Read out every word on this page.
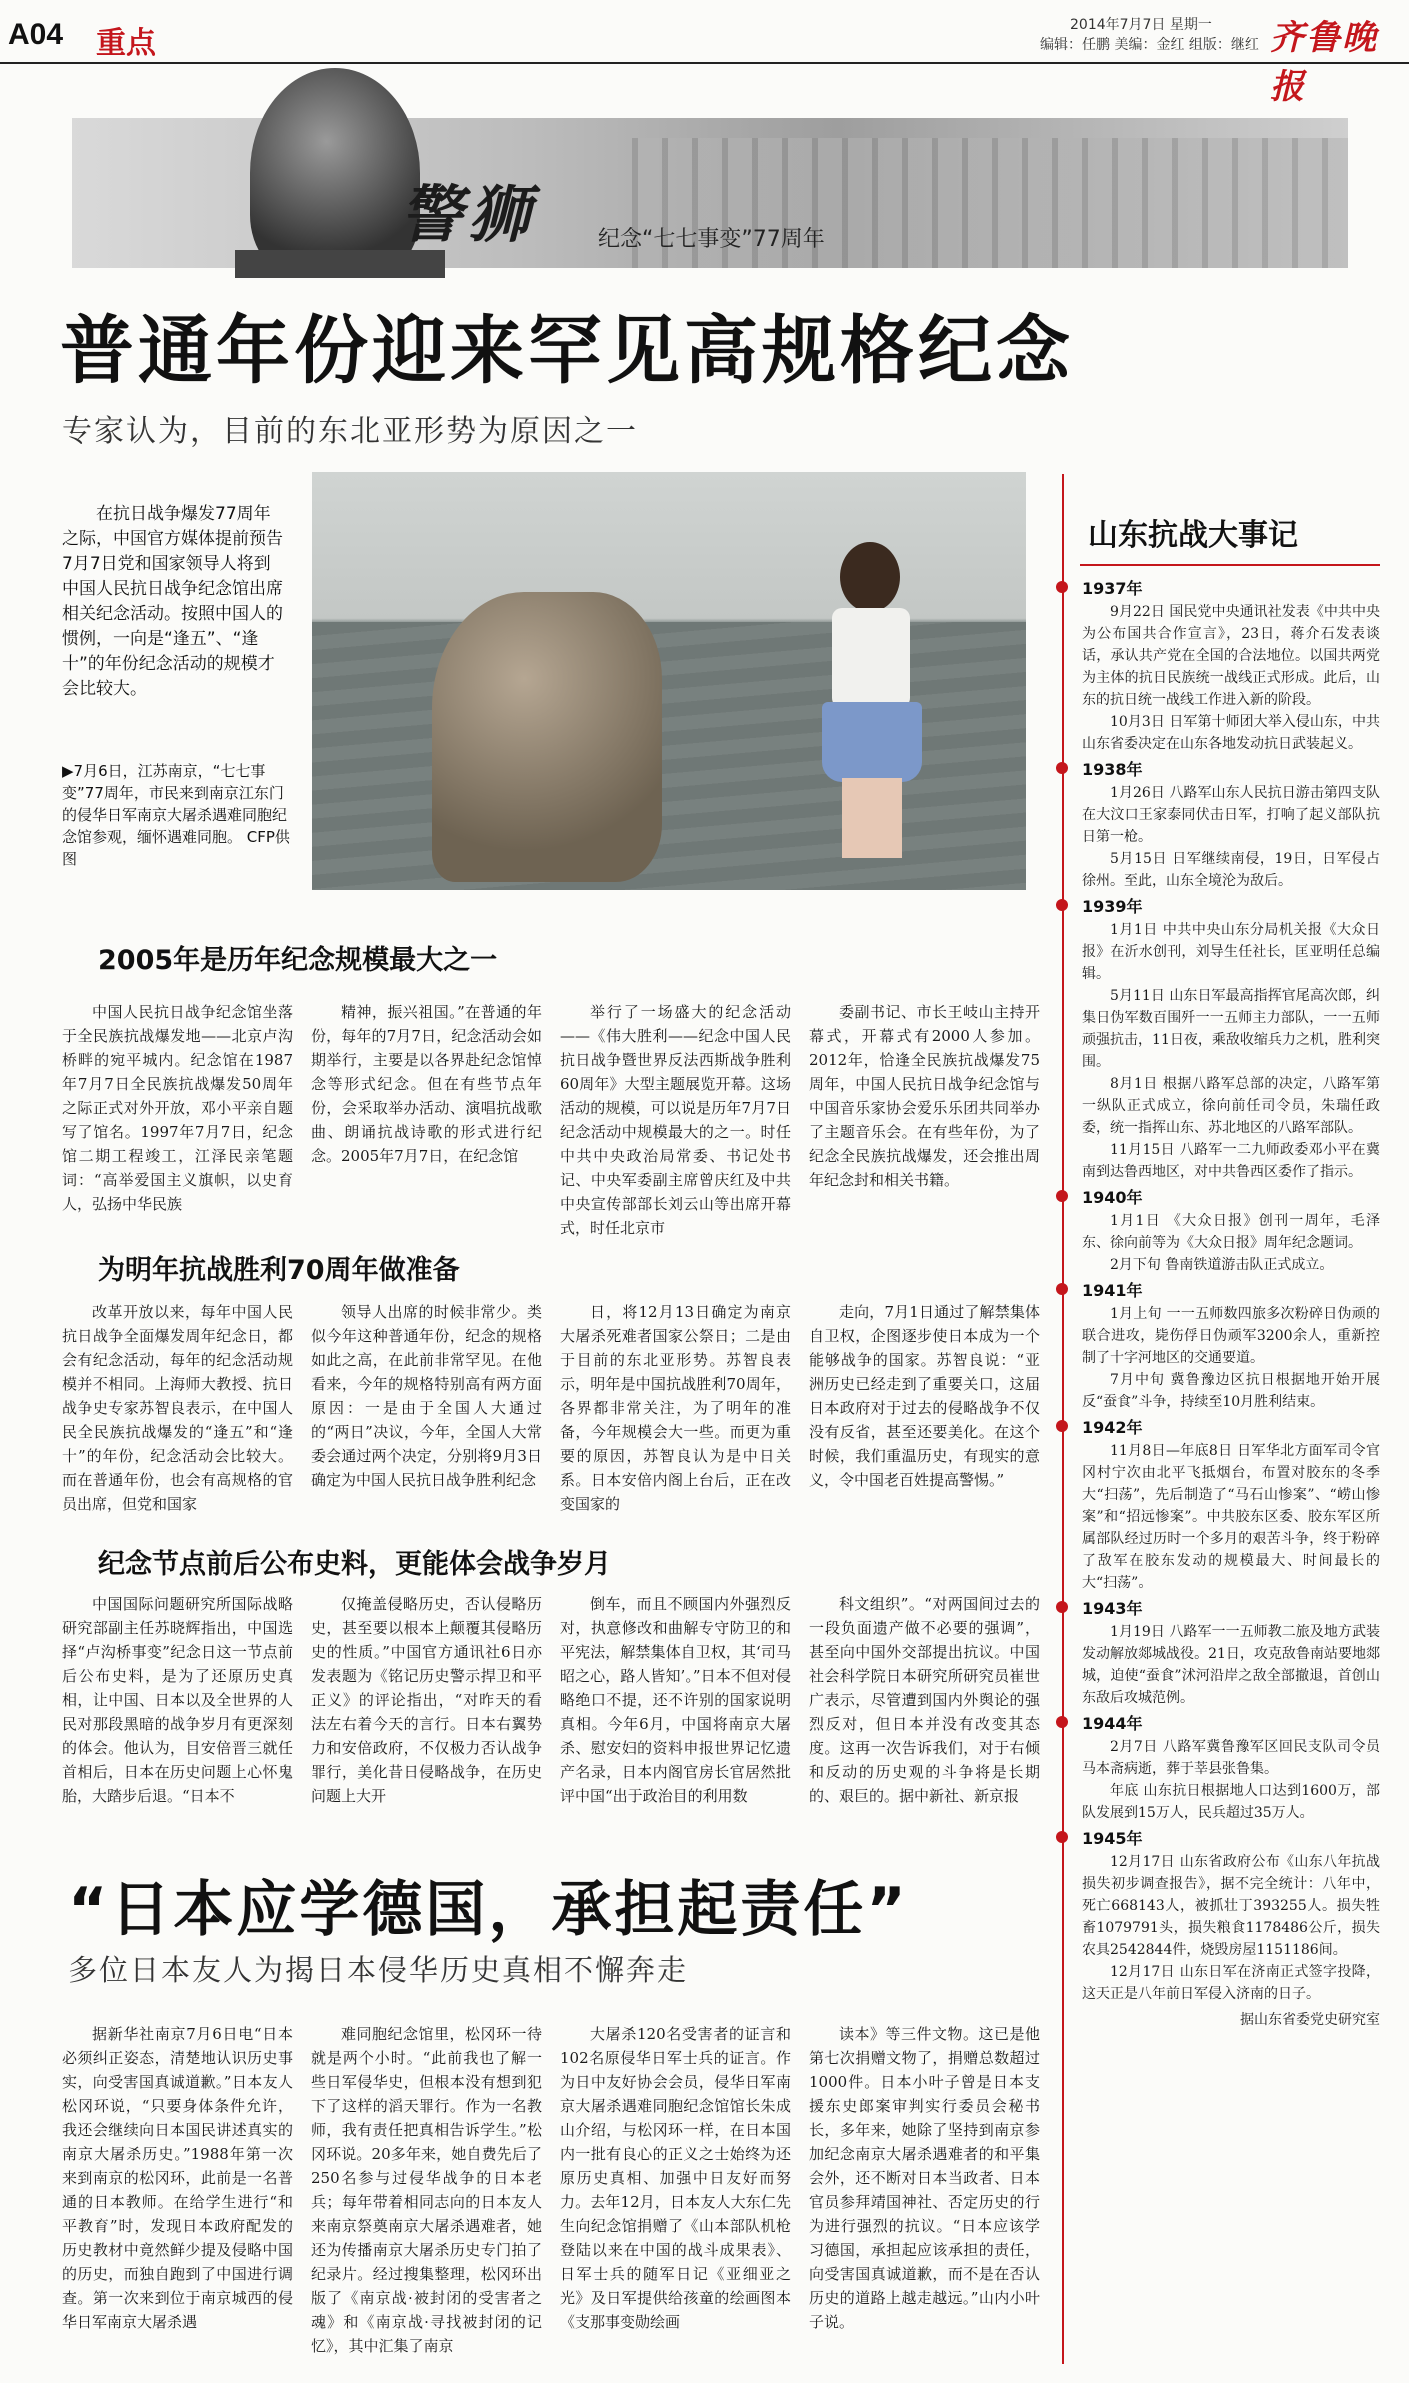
A04 重点
2014年7月7日 星期一
编辑：任鹏 美编：金红 组版：继红 齐鲁晚报
警狮	纪念“七七事变”77周年
普通年份迎来罕见高规格纪念
专家认为，目前的东北亚形势为原因之一
在抗日战争爆发77周年之际，中国官方媒体提前预告7月7日党和国家领导人将到中国人民抗日战争纪念馆出席相关纪念活动。按照中国人的惯例，一向是“逢五”、“逢十”的年份纪念活动的规模才会比较大。
▶7月6日，江苏南京，“七七事变”77周年，市民来到南京江东门的侵华日军南京大屠杀遇难同胞纪念馆参观，缅怀遇难同胞。 CFP供图
2005年是历年纪念规模最大之一

中国人民抗日战争纪念馆坐落于全民族抗战爆发地——北京卢沟桥畔的宛平城内。纪念馆在1987年7月7日全民族抗战爆发50周年之际正式对外开放，邓小平亲自题写了馆名。1997年7月7日，纪念馆二期工程竣工，江泽民亲笔题词：“高举爱国主义旗帜，以史育人，弘扬中华民族

精神，振兴祖国。”在普通的年份，每年的7月7日，纪念活动会如期举行，主要是以各界赴纪念馆悼念等形式纪念。但在有些节点年份，会采取举办活动、演唱抗战歌曲、朗诵抗战诗歌的形式进行纪念。2005年7月7日，在纪念馆

举行了一场盛大的纪念活动——《伟大胜利——纪念中国人民抗日战争暨世界反法西斯战争胜利60周年》大型主题展览开幕。这场活动的规模，可以说是历年7月7日纪念活动中规模最大的之一。时任中共中央政治局常委、书记处书记、中央军委副主席曾庆红及中共中央宣传部部长刘云山等出席开幕式，时任北京市

委副书记、市长王岐山主持开幕式，开幕式有2000人参加。2012年，恰逢全民族抗战爆发75周年，中国人民抗日战争纪念馆与中国音乐家协会爱乐乐团共同举办了主题音乐会。在有些年份，为了纪念全民族抗战爆发，还会推出周年纪念封和相关书籍。

为明年抗战胜利70周年做准备

改革开放以来，每年中国人民抗日战争全面爆发周年纪念日，都会有纪念活动，每年的纪念活动规模并不相同。上海师大教授、抗日战争史专家苏智良表示，在中国人民全民族抗战爆发的“逢五”和“逢十”的年份，纪念活动会比较大。而在普通年份，也会有高规格的官员出席，但党和国家

领导人出席的时候非常少。类似今年这种普通年份，纪念的规格如此之高，在此前非常罕见。在他看来，今年的规格特别高有两方面原因：一是由于全国人大通过的“两日”决议，今年，全国人大常委会通过两个决定，分别将9月3日确定为中国人民抗日战争胜利纪念

日，将12月13日确定为南京大屠杀死难者国家公祭日；二是由于目前的东北亚形势。苏智良表示，明年是中国抗战胜利70周年，各界都非常关注，为了明年的准备，今年规模会大一些。而更为重要的原因，苏智良认为是中日关系。日本安倍内阁上台后，正在改变国家的

走向，7月1日通过了解禁集体自卫权，企图逐步使日本成为一个能够战争的国家。苏智良说：“亚洲历史已经走到了重要关口，这届日本政府对于过去的侵略战争不仅没有反省，甚至还要美化。在这个时候，我们重温历史，有现实的意义，令中国老百姓提高警惕。”

纪念节点前后公布史料，更能体会战争岁月

中国国际问题研究所国际战略研究部副主任苏晓辉指出，中国选择“卢沟桥事变”纪念日这一节点前后公布史料，是为了还原历史真相，让中国、日本以及全世界的人民对那段黑暗的战争岁月有更深刻的体会。他认为，目安倍晋三就任首相后，日本在历史问题上心怀鬼胎，大踏步后退。“日本不

仅掩盖侵略历史，否认侵略历史，甚至要以根本上颠覆其侵略历史的性质。”中国官方通讯社6日亦发表题为《铭记历史警示捍卫和平正义》的评论指出，“对昨天的看法左右着今天的言行。日本右翼势力和安倍政府，不仅极力否认战争罪行，美化昔日侵略战争，在历史问题上大开

倒车，而且不顾国内外强烈反对，执意修改和曲解专守防卫的和平宪法，解禁集体自卫权，其‘司马昭之心，路人皆知’。”日本不但对侵略绝口不提，还不许别的国家说明真相。今年6月，中国将南京大屠杀、慰安妇的资料申报世界记忆遗产名录，日本内阁官房长官居然批评中国“出于政治目的利用数

科文组织”。“对两国间过去的一段负面遗产做不必要的强调”，甚至向中国外交部提出抗议。中国社会科学院日本研究所研究员崔世广表示，尽管遭到国内外舆论的强烈反对，但日本并没有改变其态度。这再一次告诉我们，对于右倾和反动的历史观的斗争将是长期的、艰巨的。据中新社、新京报

“日本应学德国，承担起责任”
多位日本友人为揭日本侵华历史真相不懈奔走

据新华社南京7月6日电“日本必须纠正姿态，清楚地认识历史事实，向受害国真诚道歉。”日本友人松冈环说，“只要身体条件允许，我还会继续向日本国民讲述真实的南京大屠杀历史。”1988年第一次来到南京的松冈环，此前是一名普通的日本教师。在给学生进行“和平教育”时，发现日本政府配发的历史教材中竟然鲜少提及侵略中国的历史，而独自跑到了中国进行调查。第一次来到位于南京城西的侵华日军南京大屠杀遇

难同胞纪念馆里，松冈环一待就是两个小时。“此前我也了解一些日军侵华史，但根本没有想到犯下了这样的滔天罪行。作为一名教师，我有责任把真相告诉学生。”松冈环说。20多年来，她自费先后了250名参与过侵华战争的日本老兵；每年带着相同志向的日本友人来南京祭奠南京大屠杀遇难者，她还为传播南京大屠杀历史专门拍了纪录片。经过搜集整理，松冈环出版了《南京战·被封闭的受害者之魂》和《南京战·寻找被封闭的记忆》，其中汇集了南京

大屠杀120名受害者的证言和102名原侵华日军士兵的证言。作为日中友好协会会员，侵华日军南京大屠杀遇难同胞纪念馆馆长朱成山介绍，与松冈环一样，在日本国内一批有良心的正义之士始终为还原历史真相、加强中日友好而努力。去年12月，日本友人大东仁先生向纪念馆捐赠了《山本部队机枪登陆以来在中国的战斗成果表》、日军士兵的随军日记《亚细亚之光》及日军提供给孩童的绘画图本《支那事变勋绘画

读本》等三件文物。这已是他第七次捐赠文物了，捐赠总数超过1000件。日本小叶子曾是日本支援东史郎案审判实行委员会秘书长，多年来，她除了坚持到南京参加纪念南京大屠杀遇难者的和平集会外，还不断对日本当政者、日本官员参拜靖国神社、否定历史的行为进行强烈的抗议。“日本应该学习德国，承担起应该承担的责任，向受害国真诚道歉，而不是在否认历史的道路上越走越远。”山内小叶子说。

山东抗战大事记
1937年
9月22日 国民党中央通讯社发表《中共中央为公布国共合作宣言》，23日，蒋介石发表谈话，承认共产党在全国的合法地位。以国共两党为主体的抗日民族统一战线正式形成。此后，山东的抗日统一战线工作进入新的阶段。
10月3日 日军第十师团大举入侵山东，中共山东省委决定在山东各地发动抗日武装起义。
1938年
1月26日 八路军山东人民抗日游击第四支队在大汶口王家泰同伏击日军，打响了起义部队抗日第一枪。
5月15日 日军继续南侵，19日，日军侵占徐州。至此，山东全境沦为敌后。
1939年
1月1日 中共中央山东分局机关报《大众日报》在沂水创刊，刘导生任社长，匡亚明任总编辑。
5月11日 山东日军最高指挥官尾高次郎，纠集日伪军数百围歼一一五师主力部队，一一五师顽强抗击，11日夜，乘敌收缩兵力之机，胜利突围。
8月1日 根据八路军总部的决定，八路军第一纵队正式成立，徐向前任司令员，朱瑞任政委，统一指挥山东、苏北地区的八路军部队。
11月15日 八路军一二九师政委邓小平在冀南到达鲁西地区，对中共鲁西区委作了指示。
1940年
1月1日 《大众日报》创刊一周年，毛泽东、徐向前等为《大众日报》周年纪念题词。
2月下旬 鲁南铁道游击队正式成立。
1941年
1月上旬 一一五师数四旅多次粉碎日伪顽的联合进攻，毙伤俘日伪顽军3200余人，重新控制了十字河地区的交通要道。
7月中旬 冀鲁豫边区抗日根据地开始开展反“蚕食”斗争，持续至10月胜利结束。
1942年
11月8日—年底8日 日军华北方面军司令官冈村宁次由北平飞抵烟台，布置对胶东的冬季大“扫荡”，先后制造了“马石山惨案”、“崂山惨案”和“招远惨案”。中共胶东区委、胶东军区所属部队经过历时一个多月的艰苦斗争，终于粉碎了敌军在胶东发动的规模最大、时间最长的大“扫荡”。
1943年
1月19日 八路军一一五师教二旅及地方武装发动解放郯城战役。21日，攻克敌鲁南站要地郯城，迫使“蚕食”沭河沿岸之敌全部撤退，首创山东敌后攻城范例。
1944年
2月7日 八路军冀鲁豫军区回民支队司令员马本斋病逝，葬于莘县张鲁集。
年底 山东抗日根据地人口达到1600万，部队发展到15万人，民兵超过35万人。
1945年
12月17日 山东省政府公布《山东八年抗战损失初步调查报告》，据不完全统计：八年中，死亡668143人，被抓壮丁393255人。损失牲畜1079791头，损失粮食1178486公斤，损失农具2542844件，烧毁房屋1151186间。
12月17日 山东日军在济南正式签字投降，这天正是八年前日军侵入济南的日子。
据山东省委党史研究室
